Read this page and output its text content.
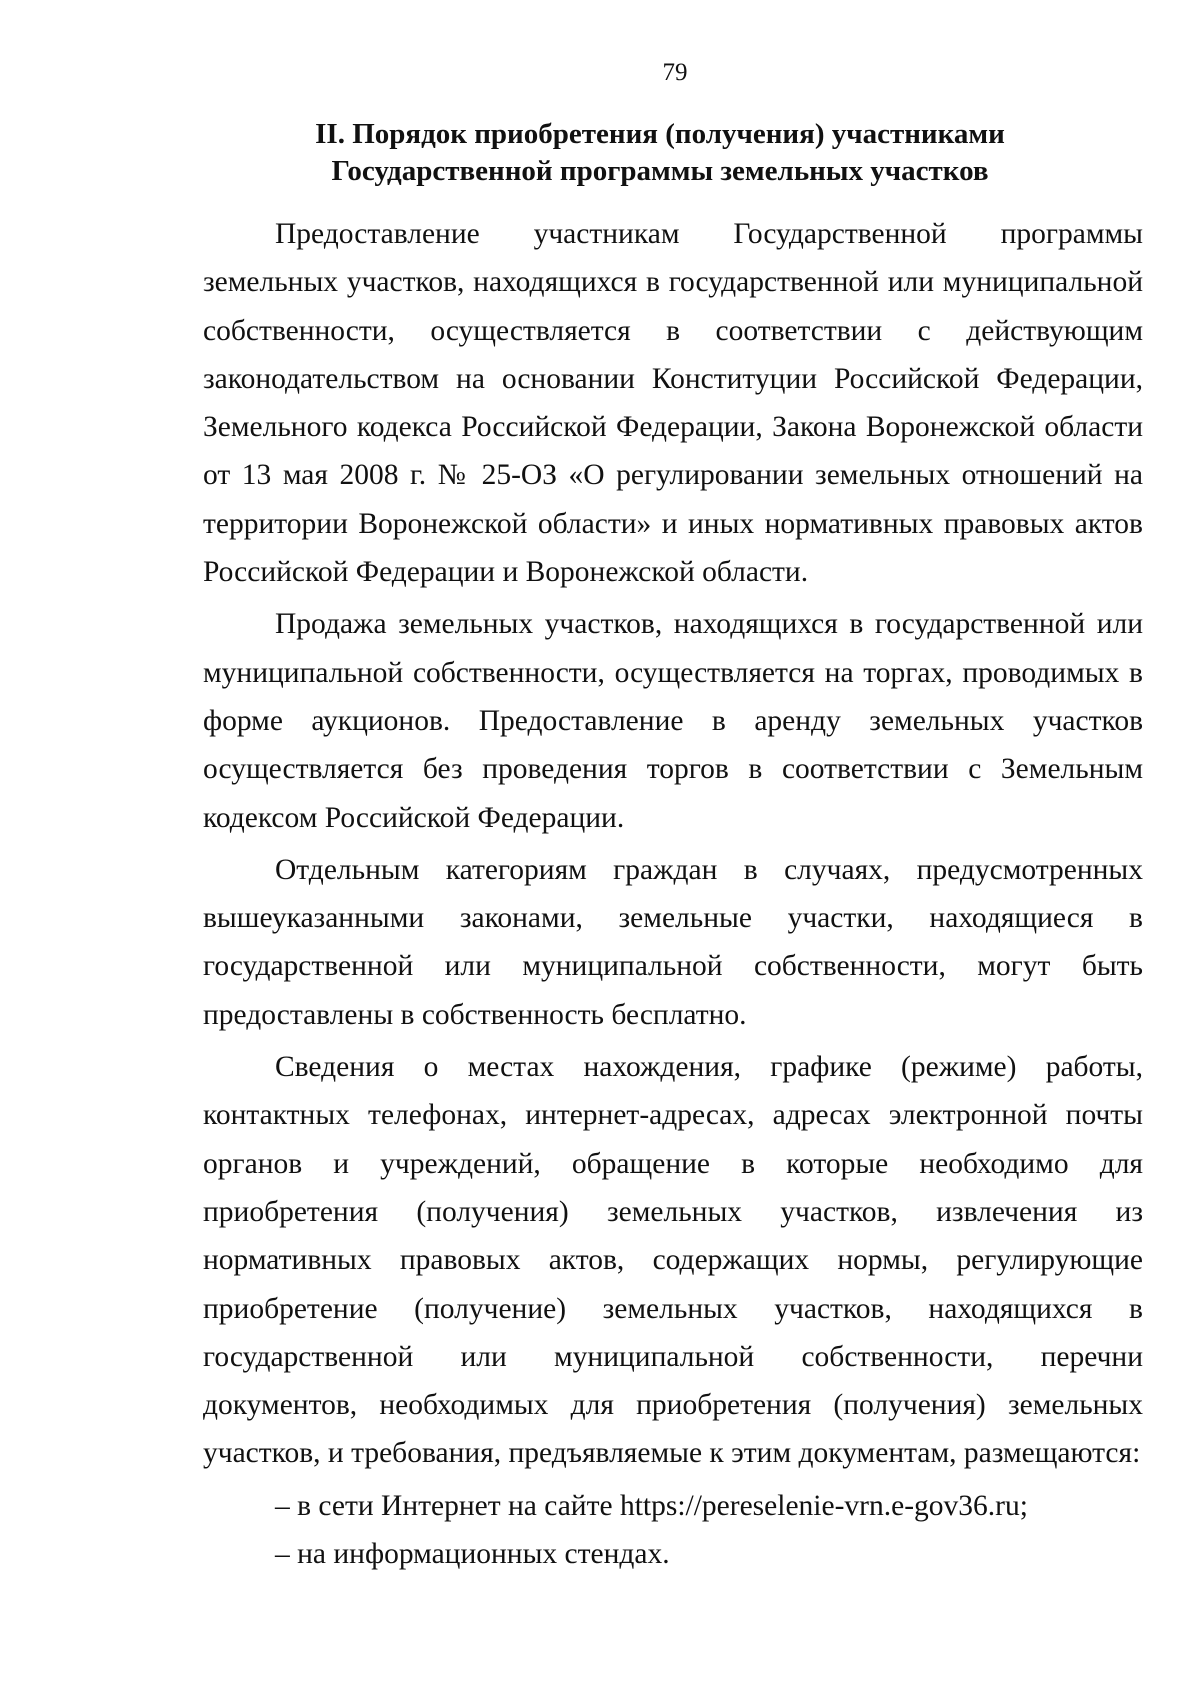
79
II. Порядок приобретения (получения) участниками
Государственной программы земельных участков

Предоставление участникам Государственной программы земельных участков, находящихся в государственной или муниципальной собственности, осуществляется в соответствии с действующим законодательством на основании Конституции Российской Федерации, Земельного кодекса Российской Федерации, Закона Воронежской области от 13 мая 2008 г. № 25-ОЗ «О регулировании земельных отношений на территории Воронежской области» и иных нормативных правовых актов Российской Федерации и Воронежской области.

Продажа земельных участков, находящихся в государственной или муниципальной собственности, осуществляется на торгах, проводимых в форме аукционов. Предоставление в аренду земельных участков осуществляется без проведения торгов в соответствии с Земельным кодексом Российской Федерации.

Отдельным категориям граждан в случаях, предусмотренных вышеуказанными законами, земельные участки, находящиеся в государственной или муниципальной собственности, могут быть предоставлены в собственность бесплатно.

Сведения о местах нахождения, графике (режиме) работы, контактных телефонах, интернет-адресах, адресах электронной почты органов и учреждений, обращение в которые необходимо для приобретения (получения) земельных участков, извлечения из нормативных правовых актов, содержащих нормы, регулирующие приобретение (получение) земельных участков, находящихся в государственной или муниципальной собственности, перечни документов, необходимых для приобретения (получения) земельных участков, и требования, предъявляемые к этим документам, размещаются:

– в сети Интернет на сайте https://pereselenie-vrn.e-gov36.ru;

– на информационных стендах.
